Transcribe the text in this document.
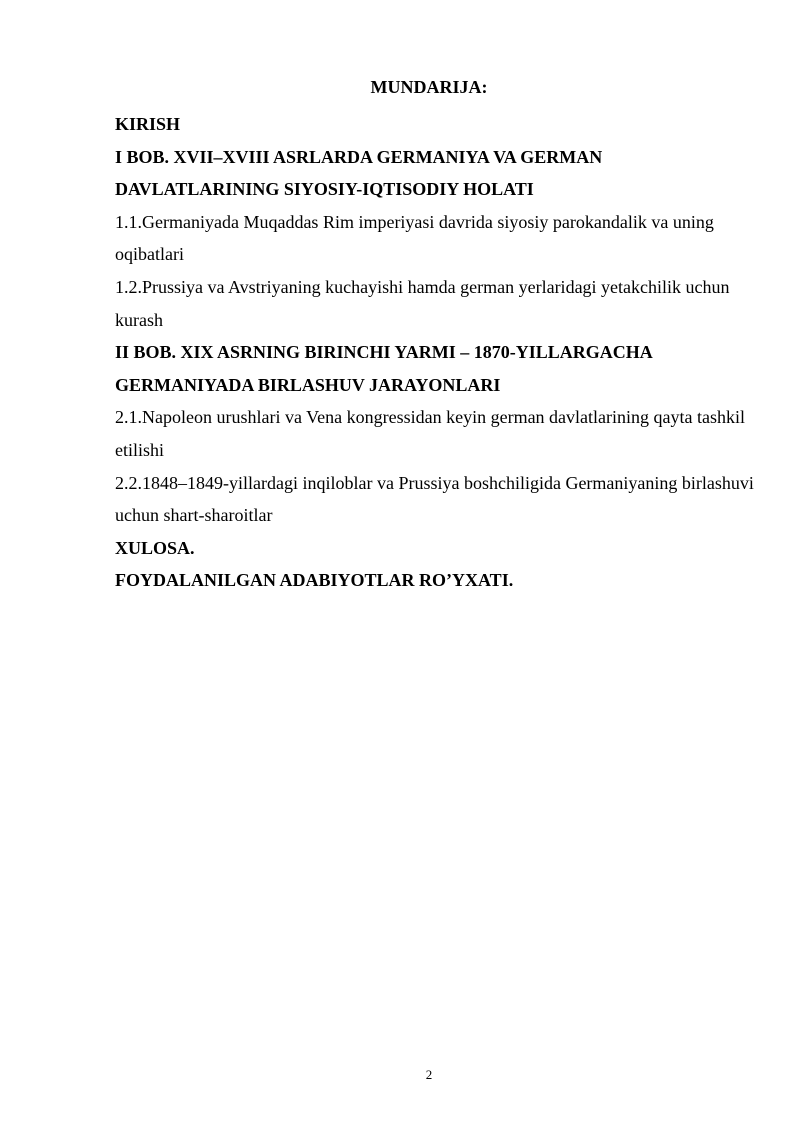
MUNDARIJA:
KIRISH
I BOB. XVII–XVIII ASRLARDA GERMANIYA VA GERMAN DAVLATLARINING SIYOSIY-IQTISODIY HOLATI
1.1.Germaniyada Muqaddas Rim imperiyasi davrida siyosiy parokandalik va uning oqibatlari
1.2.Prussiya va Avstriyaning kuchayishi hamda german yerlaridagi yetakchilik uchun kurash
II BOB. XIX ASRNING BIRINCHI YARMI – 1870-YILLARGACHA GERMANIYADA BIRLASHUV JARAYONLARI
2.1.Napoleon urushlari va Vena kongressidan keyin german davlatlarining qayta tashkil etilishi
2.2.1848–1849-yillardagi inqiloblar va Prussiya boshchiligida Germaniyaning birlashuvi uchun shart-sharoitlar
XULOSA.
FOYDALANILGAN ADABIYOTLAR RO’YXATI.
2
